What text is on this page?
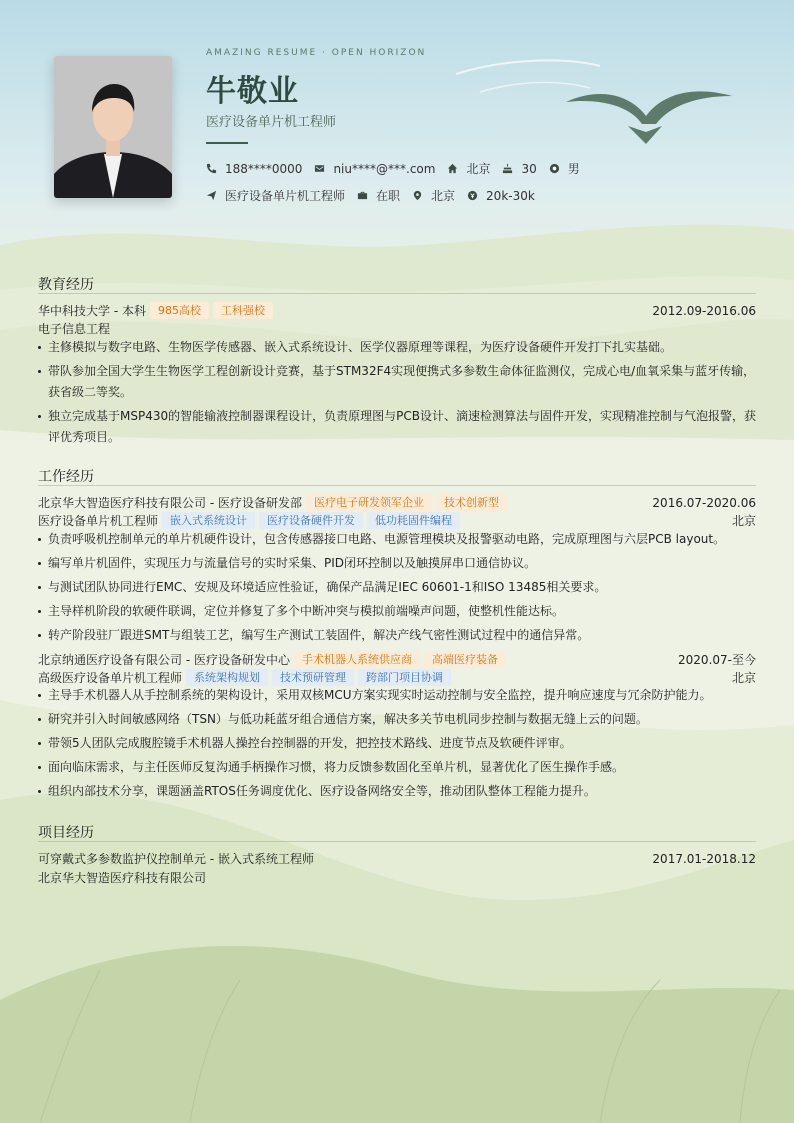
AMAZING RESUME · OPEN HORIZON
牛敬业
医疗设备单片机工程师
188****0000	niu****@***.com	北京	30	男
医疗设备单片机工程师	在职	北京	20k-30k
教育经历
华中科技大学 - 本科	985高校	工科强校	2012.09-2016.06
电子信息工程
主修模拟与数字电路、生物医学传感器、嵌入式系统设计、医学仪器原理等课程，为医疗设备硬件开发打下扎实基础。
带队参加全国大学生生物医学工程创新设计竞赛，基于STM32F4实现便携式多参数生命体征监测仪，完成心电/血氧采集与蓝牙传输，获省级二等奖。
独立完成基于MSP430的智能输液控制器课程设计，负责原理图与PCB设计、滴速检测算法与固件开发，实现精准控制与气泡报警，获评优秀项目。
工作经历
北京华大智造医疗科技有限公司 - 医疗设备研发部	医疗电子研发领军企业	技术创新型	2016.07-2020.06
医疗设备单片机工程师	嵌入式系统设计	医疗设备硬件开发	低功耗固件编程	北京
负责呼吸机控制单元的单片机硬件设计，包含传感器接口电路、电源管理模块及报警驱动电路，完成原理图与六层PCB layout。
编写单片机固件，实现压力与流量信号的实时采集、PID闭环控制以及触摸屏串口通信协议。
与测试团队协同进行EMC、安规及环境适应性验证，确保产品满足IEC 60601-1和ISO 13485相关要求。
主导样机阶段的软硬件联调，定位并修复了多个中断冲突与模拟前端噪声问题，使整机性能达标。
转产阶段驻厂跟进SMT与组装工艺，编写生产测试工装固件，解决产线气密性测试过程中的通信异常。
北京纳通医疗设备有限公司 - 医疗设备研发中心	手术机器人系统供应商	高端医疗装备	2020.07-至今
高级医疗设备单片机工程师	系统架构规划	技术预研管理	跨部门项目协调	北京
主导手术机器人从手控制系统的架构设计，采用双核MCU方案实现实时运动控制与安全监控，提升响应速度与冗余防护能力。
研究并引入时间敏感网络（TSN）与低功耗蓝牙组合通信方案，解决多关节电机同步控制与数据无缝上云的问题。
带领5人团队完成腹腔镜手术机器人操控台控制器的开发，把控技术路线、进度节点及软硬件评审。
面向临床需求，与主任医师反复沟通手柄操作习惯，将力反馈参数固化至单片机，显著优化了医生操作手感。
组织内部技术分享，课题涵盖RTOS任务调度优化、医疗设备网络安全等，推动团队整体工程能力提升。
项目经历
可穿戴式多参数监护仪控制单元 - 嵌入式系统工程师	2017.01-2018.12
北京华大智造医疗科技有限公司
